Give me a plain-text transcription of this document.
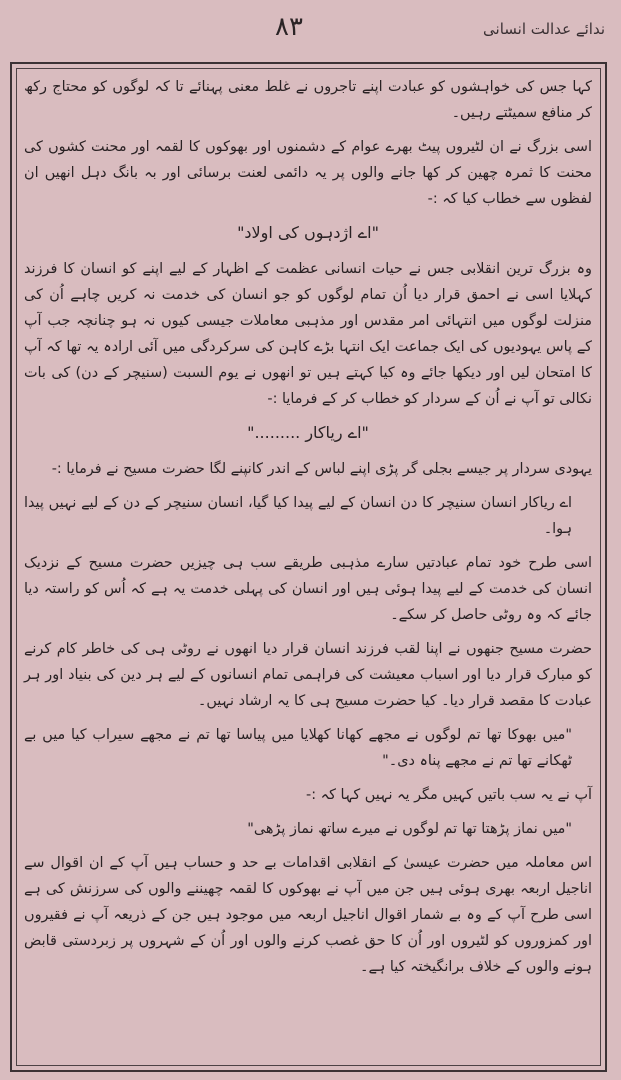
۸۳	ندائے عدالت انسانی

کہا جس کی خواہشوں کو عبادت اپنے تاجروں نے غلط معنی پہنائے تا کہ لوگوں کو محتاج رکھ کر منافع سمیٹتے رہیں۔

اسی بزرگ نے ان لٹیروں پیٹ بھرے عوام کے دشمنوں اور بھوکوں کا لقمہ اور محنت کشوں کی محنت کا ثمرہ چھین کر کھا جانے والوں پر یہ دائمی لعنت برسائی اور بہ بانگ دہل انھیں ان لفظوں سے خطاب کیا کہ :-

"اے اژدہوں کی اولاد"

وہ بزرگ ترین انقلابی جس نے حیات انسانی عظمت کے اظہار کے لیے اپنے کو انسان کا فرزند کہلایا اسی نے احمق قرار دیا اُن تمام لوگوں کو جو انسان کی خدمت نہ کریں چاہے اُن کی منزلت لوگوں میں انتہائی امر مقدس اور مذہبی معاملات جیسی کیوں نہ ہو چنانچہ جب آپ کے پاس یہودیوں کی ایک جماعت ایک انتہا بڑے کاہن کی سرکردگی میں آئی ارادہ یہ تھا کہ آپ کا امتحان لیں اور دیکھا جائے وہ کیا کہتے ہیں تو انھوں نے یوم السبت (سنیچر کے دن) کی بات نکالی تو آپ نے اُن کے سردار کو خطاب کر کے فرمایا :-

"اے ریاکار ........."

یہودی سردار پر جیسے بجلی گر پڑی اپنے لباس کے اندر کانپنے لگا حضرت مسیح نے فرمایا :-

اے ریاکار انسان سنیچر کا دن انسان کے لیے پیدا کیا گیا، انسان سنیچر کے دن کے لیے نہیں پیدا ہوا۔

اسی طرح خود تمام عبادتیں سارے مذہبی طریقے سب ہی چیزیں حضرت مسیح کے نزدیک انسان کی خدمت کے لیے پیدا ہوئی ہیں اور انسان کی پہلی خدمت یہ ہے کہ اُس کو راستہ دیا جائے کہ وہ روٹی حاصل کر سکے۔

حضرت مسیح جنھوں نے اپنا لقب فرزند انسان قرار دیا انھوں نے روٹی ہی کی خاطر کام کرنے کو مبارک قرار دیا اور اسباب معیشت کی فراہمی تمام انسانوں کے لیے ہر دین کی بنیاد اور ہر عبادت کا مقصد قرار دیا۔ کیا حضرت مسیح ہی کا یہ ارشاد نہیں۔

"میں بھوکا تھا تم لوگوں نے مجھے کھانا کھلایا میں پیاسا تھا تم نے مجھے سیراب کیا میں بے ٹھکانے تھا تم نے مجھے پناہ دی۔"

آپ نے یہ سب باتیں کہیں مگر یہ نہیں کہا کہ :-

"میں نماز پڑھتا تھا تم لوگوں نے میرے ساتھ نماز پڑھی"

اس معاملہ میں حضرت عیسیٰ کے انقلابی اقدامات بے حد و حساب ہیں آپ کے ان اقوال سے اناجیل اربعہ بھری ہوئی ہیں جن میں آپ نے بھوکوں کا لقمہ چھیننے والوں کی سرزنش کی ہے اسی طرح آپ کے وہ بے شمار اقوال اناجیل اربعہ میں موجود ہیں جن کے ذریعہ آپ نے فقیروں اور کمزوروں کو لٹیروں اور اُن کا حق غصب کرنے والوں اور اُن کے شہروں پر زبردستی قابض ہونے والوں کے خلاف برانگیختہ کیا ہے۔
